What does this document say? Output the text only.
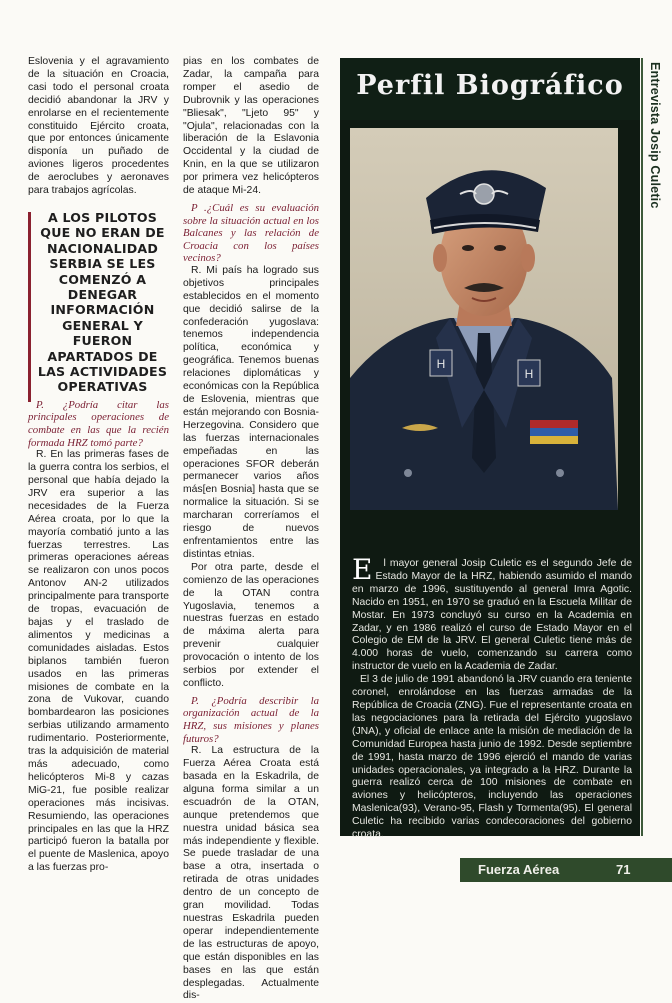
Eslovenia y el agravamiento de la situación en Croacia, casi todo el personal croata decidió abandonar la JRV y enrolarse en el recientemente constituido Ejército croata, que por entonces únicamente disponía un puñado de aviones ligeros procedentes de aeroclubes y aeronaves para trabajos agrícolas.

A LOS PILOTOS QUE NO ERAN DE NACIONALIDAD SERBIA SE LES COMENZÓ A DENEGAR INFORMACIÓN GENERAL Y FUERON APARTADOS DE LAS ACTIVIDADES OPERATIVAS

P. ¿Podría citar las principales operaciones de combate en las que la recién formada HRZ tomó parte?

R. En las primeras fases de la guerra contra los serbios, el personal que había dejado la JRV era superior a las necesidades de la Fuerza Aérea croata, por lo que la mayoría combatió junto a las fuerzas terrestres. Las primeras operaciones aéreas se realizaron con unos pocos Antonov AN-2 utilizados principalmente para transporte de tropas, evacuación de bajas y el traslado de alimentos y medicinas a comunidades aisladas. Estos biplanos también fueron usados en las primeras misiones de combate en la zona de Vukovar, cuando bombardearon las posiciones serbias utilizando armamento rudimentario. Posteriormente, tras la adquisición de material más adecuado, como helicópteros Mi-8 y cazas MiG-21, fue posible realizar operaciones más incisivas. Resumiendo, las operaciones principales en las que la HRZ participó fueron la batalla por el puente de Maslenica, apoyo a las fuerzas pro-

pias en los combates de Zadar, la campaña para romper el asedio de Dubrovnik y las operaciones "Bliesak", "Ljeto 95" y "Ojula", relacionadas con la liberación de la Eslavonia Occidental y la ciudad de Knin, en la que se utilizaron por primera vez helicópteros de ataque Mi-24.

P .¿Cuál es su evaluación sobre la situación actual en los Balcanes y las relación de Croacia con los países vecinos?

R. Mi país ha logrado sus objetivos principales establecidos en el momento que decidió salirse de la confederación yugoslava: tenemos independencia política, económica y geográfica. Tenemos buenas relaciones diplomáticas y económicas con la República de Eslovenia, mientras que están mejorando con Bosnia-Herzegovina. Considero que las fuerzas internacionales empeñadas en las operaciones SFOR deberán permanecer varios años más[en Bosnia] hasta que se normalice la situación. Si se marcharan correríamos el riesgo de nuevos enfrentamientos entre las distintas etnias.

Por otra parte, desde el comienzo de las operaciones de la OTAN contra Yugoslavia, tenemos a nuestras fuerzas en estado de máxima alerta para prevenir cualquier provocación o intento de los serbios por extender el conflicto.

P. ¿Podría describir la organización actual de la HRZ, sus misiones y planes futuros?

R. La estructura de la Fuerza Aérea Croata está basada en la Eskadrila, de alguna forma similar a un escuadrón de la OTAN, aunque pretendemos que nuestra unidad básica sea más independiente y flexible. Se puede trasladar de una base a otra, insertada o retirada de otras unidades dentro de un concepto de gran movilidad. Todas nuestras Eskadrila pueden operar independientemente de las estructuras de apoyo, que están disponibles en las bases en las que están desplegadas. Actualmente dis-

Perfil Biográfico
H
H

E l mayor general Josip Culetic es el segundo Jefe de Estado Mayor de la HRZ, habiendo asumido el mando en marzo de 1996, sustituyendo al general Imra Agotic. Nacido en 1951, en 1970 se graduó en la Escuela Militar de Mostar. En 1973 concluyó su curso en la Academia en Zadar, y en 1986 realizó el curso de Estado Mayor en el Colegio de EM de la JRV. El general Culetic tiene más de 4.000 horas de vuelo, comenzando su carrera como instructor de vuelo en la Academia de Zadar.

El 3 de julio de 1991 abandonó la JRV cuando era teniente coronel, enrolándose en las fuerzas armadas de la República de Croacia (ZNG). Fue el representante croata en las negociaciones para la retirada del Ejército yugoslavo (JNA), y oficial de enlace ante la misión de mediación de la Comunidad Europea hasta junio de 1992. Desde septiembre de 1991, hasta marzo de 1996 ejerció el mando de varias unidades operacionales, ya integrado a la HRZ. Durante la guerra realizó cerca de 100 misiones de combate en aviones y helicópteros, incluyendo las operaciones Maslenica(93), Verano-95, Flash y Tormenta(95). El general Culetic ha recibido varias condecoraciones del gobierno croata.

Entrevista Josip Culetic
Fuerza Aérea	71
